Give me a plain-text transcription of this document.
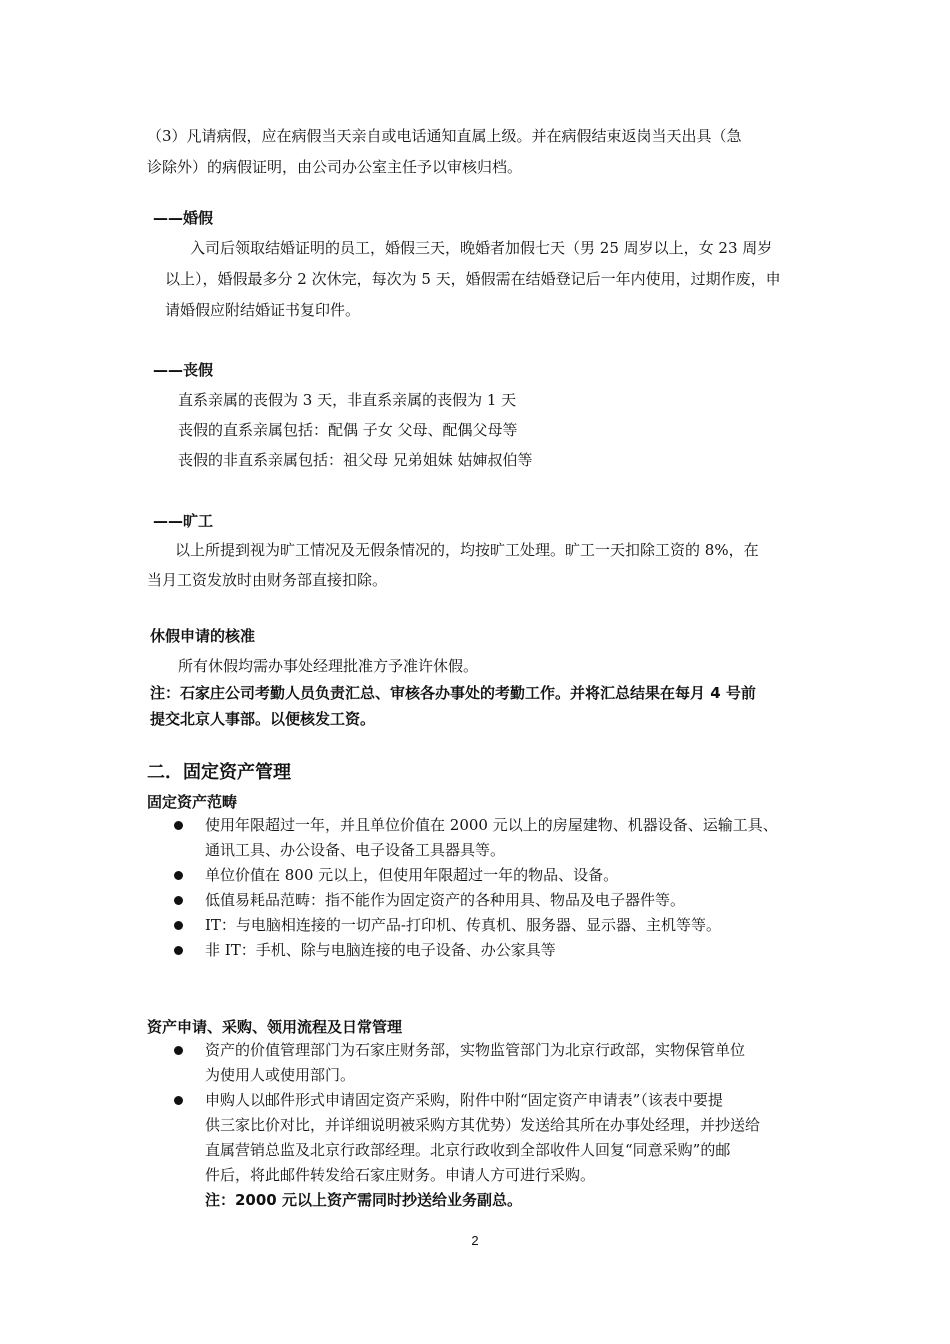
（3）凡请病假，应在病假当天亲自或电话通知直属上级。并在病假结束返岗当天出具（急
诊除外）的病假证明，由公司办公室主任予以审核归档。
——婚假
入司后领取结婚证明的员工，婚假三天，晚婚者加假七天（男 25 周岁以上，女 23 周岁
以上），婚假最多分 2 次休完，每次为 5 天，婚假需在结婚登记后一年内使用，过期作废，申
请婚假应附结婚证书复印件。
——丧假
直系亲属的丧假为 3 天，非直系亲属的丧假为 1 天
丧假的直系亲属包括：配偶 子女 父母、配偶父母等
丧假的非直系亲属包括：祖父母 兄弟姐妹 姑婶叔伯等
——旷工
以上所提到视为旷工情况及无假条情况的，均按旷工处理。旷工一天扣除工资的 8%，在
当月工资发放时由财务部直接扣除。
休假申请的核准
所有休假均需办事处经理批准方予准许休假。
注：石家庄公司考勤人员负责汇总、审核各办事处的考勤工作。并将汇总结果在每月 4 号前
提交北京人事部。以便核发工资。
二．固定资产管理
固定资产范畴
使用年限超过一年，并且单位价值在 2000 元以上的房屋建物、机器设备、运输工具、
通讯工具、办公设备、电子设备工具器具等。
单位价值在 800 元以上，但使用年限超过一年的物品、设备。
低值易耗品范畴：指不能作为固定资产的各种用具、物品及电子器件等。
IT：与电脑相连接的一切产品-打印机、传真机、服务器、显示器、主机等等。
非 IT：手机、除与电脑连接的电子设备、办公家具等
资产申请、采购、领用流程及日常管理
资产的价值管理部门为石家庄财务部，实物监管部门为北京行政部，实物保管单位
为使用人或使用部门。
申购人以邮件形式申请固定资产采购，附件中附“固定资产申请表”（该表中要提
供三家比价对比，并详细说明被采购方其优势）发送给其所在办事处经理，并抄送给
直属营销总监及北京行政部经理。北京行政收到全部收件人回复“同意采购”的邮
件后，将此邮件转发给石家庄财务。申请人方可进行采购。
注：2000 元以上资产需同时抄送给业务副总。
2
